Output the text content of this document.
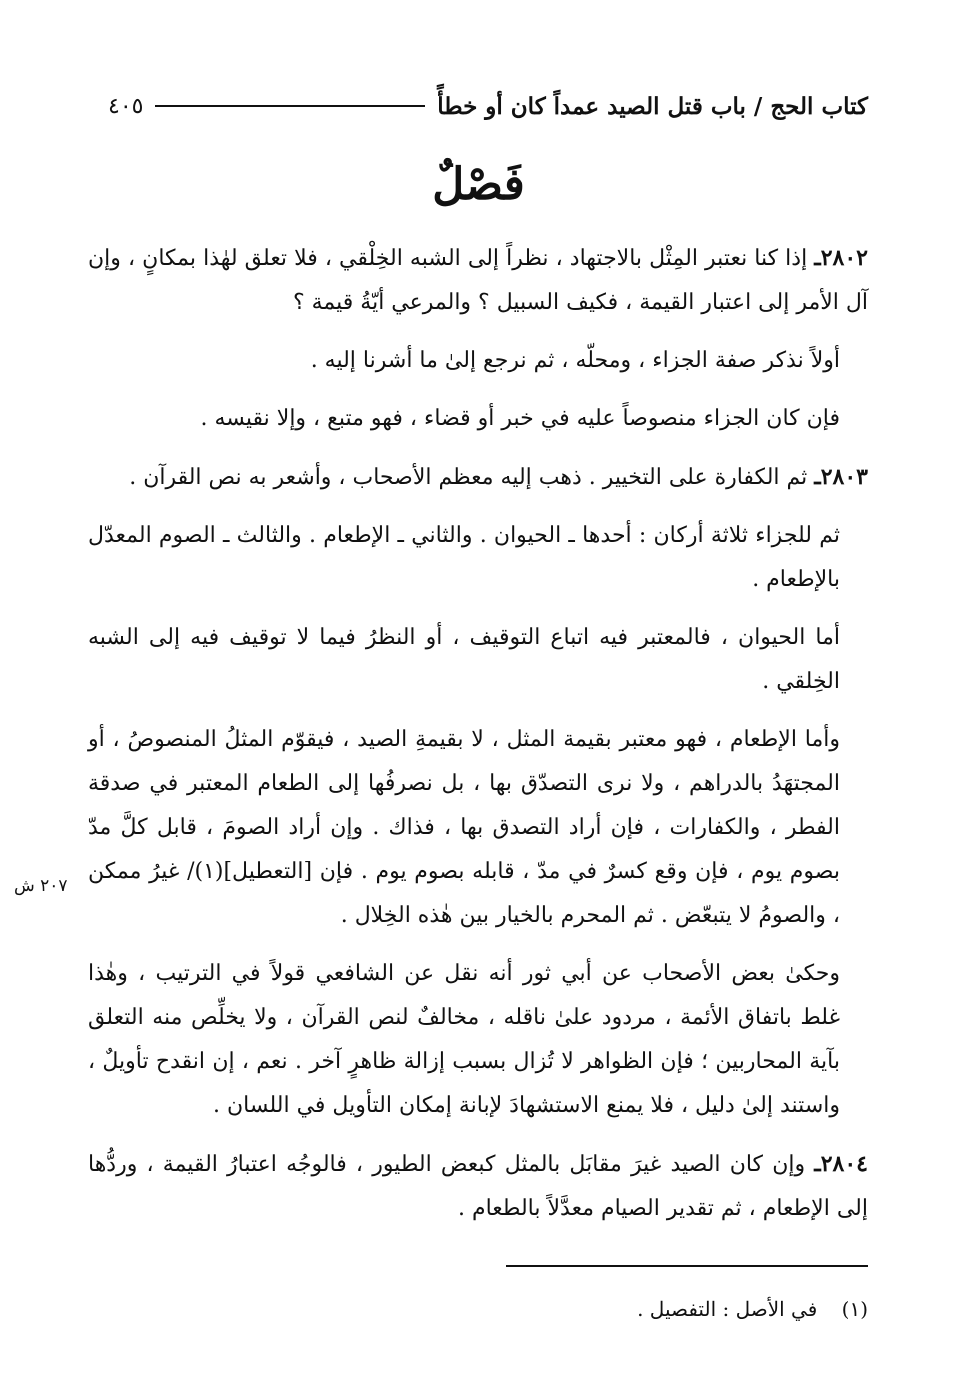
كتاب الحج / باب قتل الصيد عمداً كان أو خطأً
٤٠٥
فَصْلٌ

٢٨٠٢ـ إذا كنا نعتبر المِثْل بالاجتهاد ، نظراً إلى الشبه الخِلْقي ، فلا تعلق لهٰذا بمكانٍ ، وإن آل الأمر إلى اعتبار القيمة ، فكيف السبيل ؟ والمرعي أيّةُ قيمة ؟

أولاً نذكر صفة الجزاء ، ومحلّه ، ثم نرجع إلىٰ ما أشرنا إليه .

فإن كان الجزاء منصوصاً عليه في خبر أو قضاء ، فهو متبع ، وإلا نقيسه .

٢٨٠٣ـ ثم الكفارة على التخيير . ذهب إليه معظم الأصحاب ، وأشعر به نص القرآن .

ثم للجزاء ثلاثة أركان : أحدها ـ الحيوان . والثاني ـ الإطعام . والثالث ـ الصوم المعدّل بالإطعام .

أما الحيوان ، فالمعتبر فيه اتباع التوقيف ، أو النظرُ فيما لا توقيف فيه إلى الشبه الخِلقي .

وأما الإطعام ، فهو معتبر بقيمة المثل ، لا بقيمةِ الصيد ، فيقوّم المثلُ المنصوصُ ، أو المجتهَدُ بالدراهم ، ولا نرى التصدّق بها ، بل نصرفُها إلى الطعام المعتبر في صدقة الفطر ، والكفارات ، فإن أراد التصدق بها ، فذاك . وإن أراد الصومَ ، قابل كلَّ مدّ بصوم يوم ، فإن وقع كسرٌ في مدّ ، قابله بصوم يوم . فإن [التعطيل](١)/ غيرُ ممكن ، والصومُ لا يتبعّض . ثم المحرم بالخيار بين هٰذه الخِلال .

وحكىٰ بعض الأصحاب عن أبي ثور أنه نقل عن الشافعي قولاً في الترتيب ، وهٰذا غلط باتفاق الأئمة ، مردود علىٰ ناقله ، مخالفٌ لنص القرآن ، ولا يخلِّص منه التعلق بآية المحاربين ؛ فإن الظواهر لا تُزال بسبب إزالة ظاهرٍ آخر . نعم ، إن انقدح تأويلٌ ، واستند إلىٰ دليل ، فلا يمنع الاستشهادَ لإبانة إمكان التأويل في اللسان .

٢٨٠٤ـ وإن كان الصيد غيرَ مقابَل بالمثل كبعض الطيور ، فالوجُه اعتبارُ القيمة ، وردُّها إلى الإطعام ، ثم تقدير الصيام معدَّلاً بالطعام .

٢٠٧ ش
(١) في الأصل : التفصيل .
